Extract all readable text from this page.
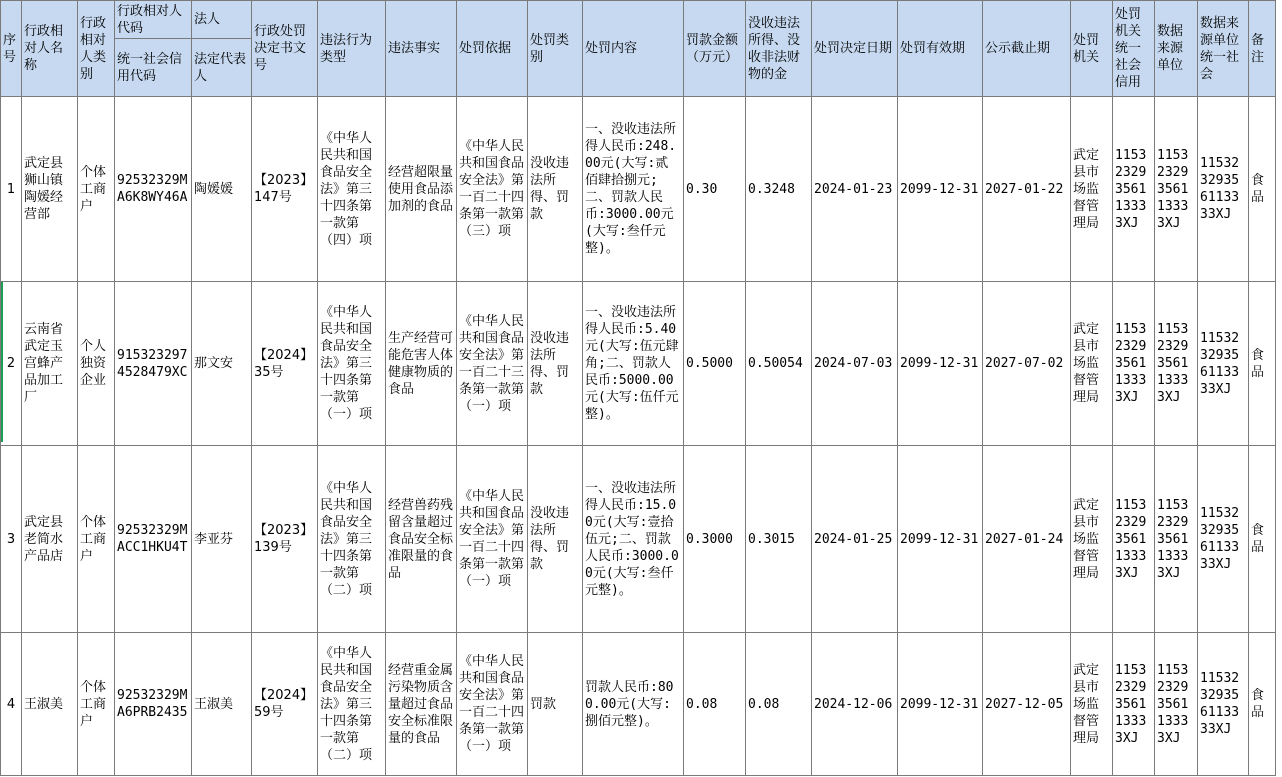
序号	行政相对人名称	行政相对人类别	行政相对人代码	法人	行政处罚决定书文号	违法行为类型	违法事实	处罚依据	处罚类别	处罚内容	罚款金额（万元）	没收违法所得、没收非法财物的金	处罚决定日期	处罚有效期	公示截止期	处罚机关	处罚机关统一社会信用	数据来源单位	数据来源单位统一社会	备注
			统一社会信用代码	法定代表人																
1	武定县狮山镇陶媛经营部	个体工商户	92532329MA6K8WY46A	陶媛媛	【2023】147号	《中华人民共和国食品安全法》第三十四条第一款第（四）项	经营超限量使用食品添加剂的食品	《中华人民共和国食品安全法》第一百二十四条第一款第（三）项	没收违法所得、罚款	一、没收违法所得人民币:248.00元(大写:贰佰肆拾捌元;二、罚款人民币:3000.00元(大写:叁仟元整)。	0.30	0.3248	2024-01-23	2099-12-31	2027-01-22	武定县市场监督管理局	11532329356113333XJ	11532329356113333XJ	11532329356113333XJ	食品
2	云南省武定玉宫蜂产品加工厂	个人独资企业	9153232974528479XC	那文安	【2024】35号	《中华人民共和国食品安全法》第三十四条第一款第（一）项	生产经营可能危害人体健康物质的食品	《中华人民共和国食品安全法》第一百二十三条第一款第（一）项	没收违法所得、罚款	一、没收违法所得人民币:5.40元(大写:伍元肆角;二、罚款人民币:5000.00元(大写:伍仟元整)。	0.5000	0.50054	2024-07-03	2099-12-31	2027-07-02	武定县市场监督管理局	11532329356113333XJ	11532329356113333XJ	11532329356113333XJ	食品
3	武定县老简水产品店	个体工商户	92532329MACC1HKU4T	李亚芬	【2023】139号	《中华人民共和国食品安全法》第三十四条第一款第（二）项	经营兽药残留含量超过食品安全标准限量的食品	《中华人民共和国食品安全法》第一百二十四条第一款第（一）项	没收违法所得、罚款	一、没收违法所得人民币:15.00元(大写:壹拾伍元;二、罚款人民币:3000.00元(大写:叁仟元整)。	0.3000	0.3015	2024-01-25	2099-12-31	2027-01-24	武定县市场监督管理局	11532329356113333XJ	11532329356113333XJ	11532329356113333XJ	食品
4	王淑美	个体工商户	92532329MA6PRB2435	王淑美	【2024】59号	《中华人民共和国食品安全法》第三十四条第一款第（二）项	经营重金属污染物质含量超过食品安全标准限量的食品	《中华人民共和国食品安全法》第一百二十四条第一款第（一）项	罚款	罚款人民币:800.00元(大写:捌佰元整)。	0.08	0.08	2024-12-06	2099-12-31	2027-12-05	武定县市场监督管理局	11532329356113333XJ	11532329356113333XJ	11532329356113333XJ	食品
